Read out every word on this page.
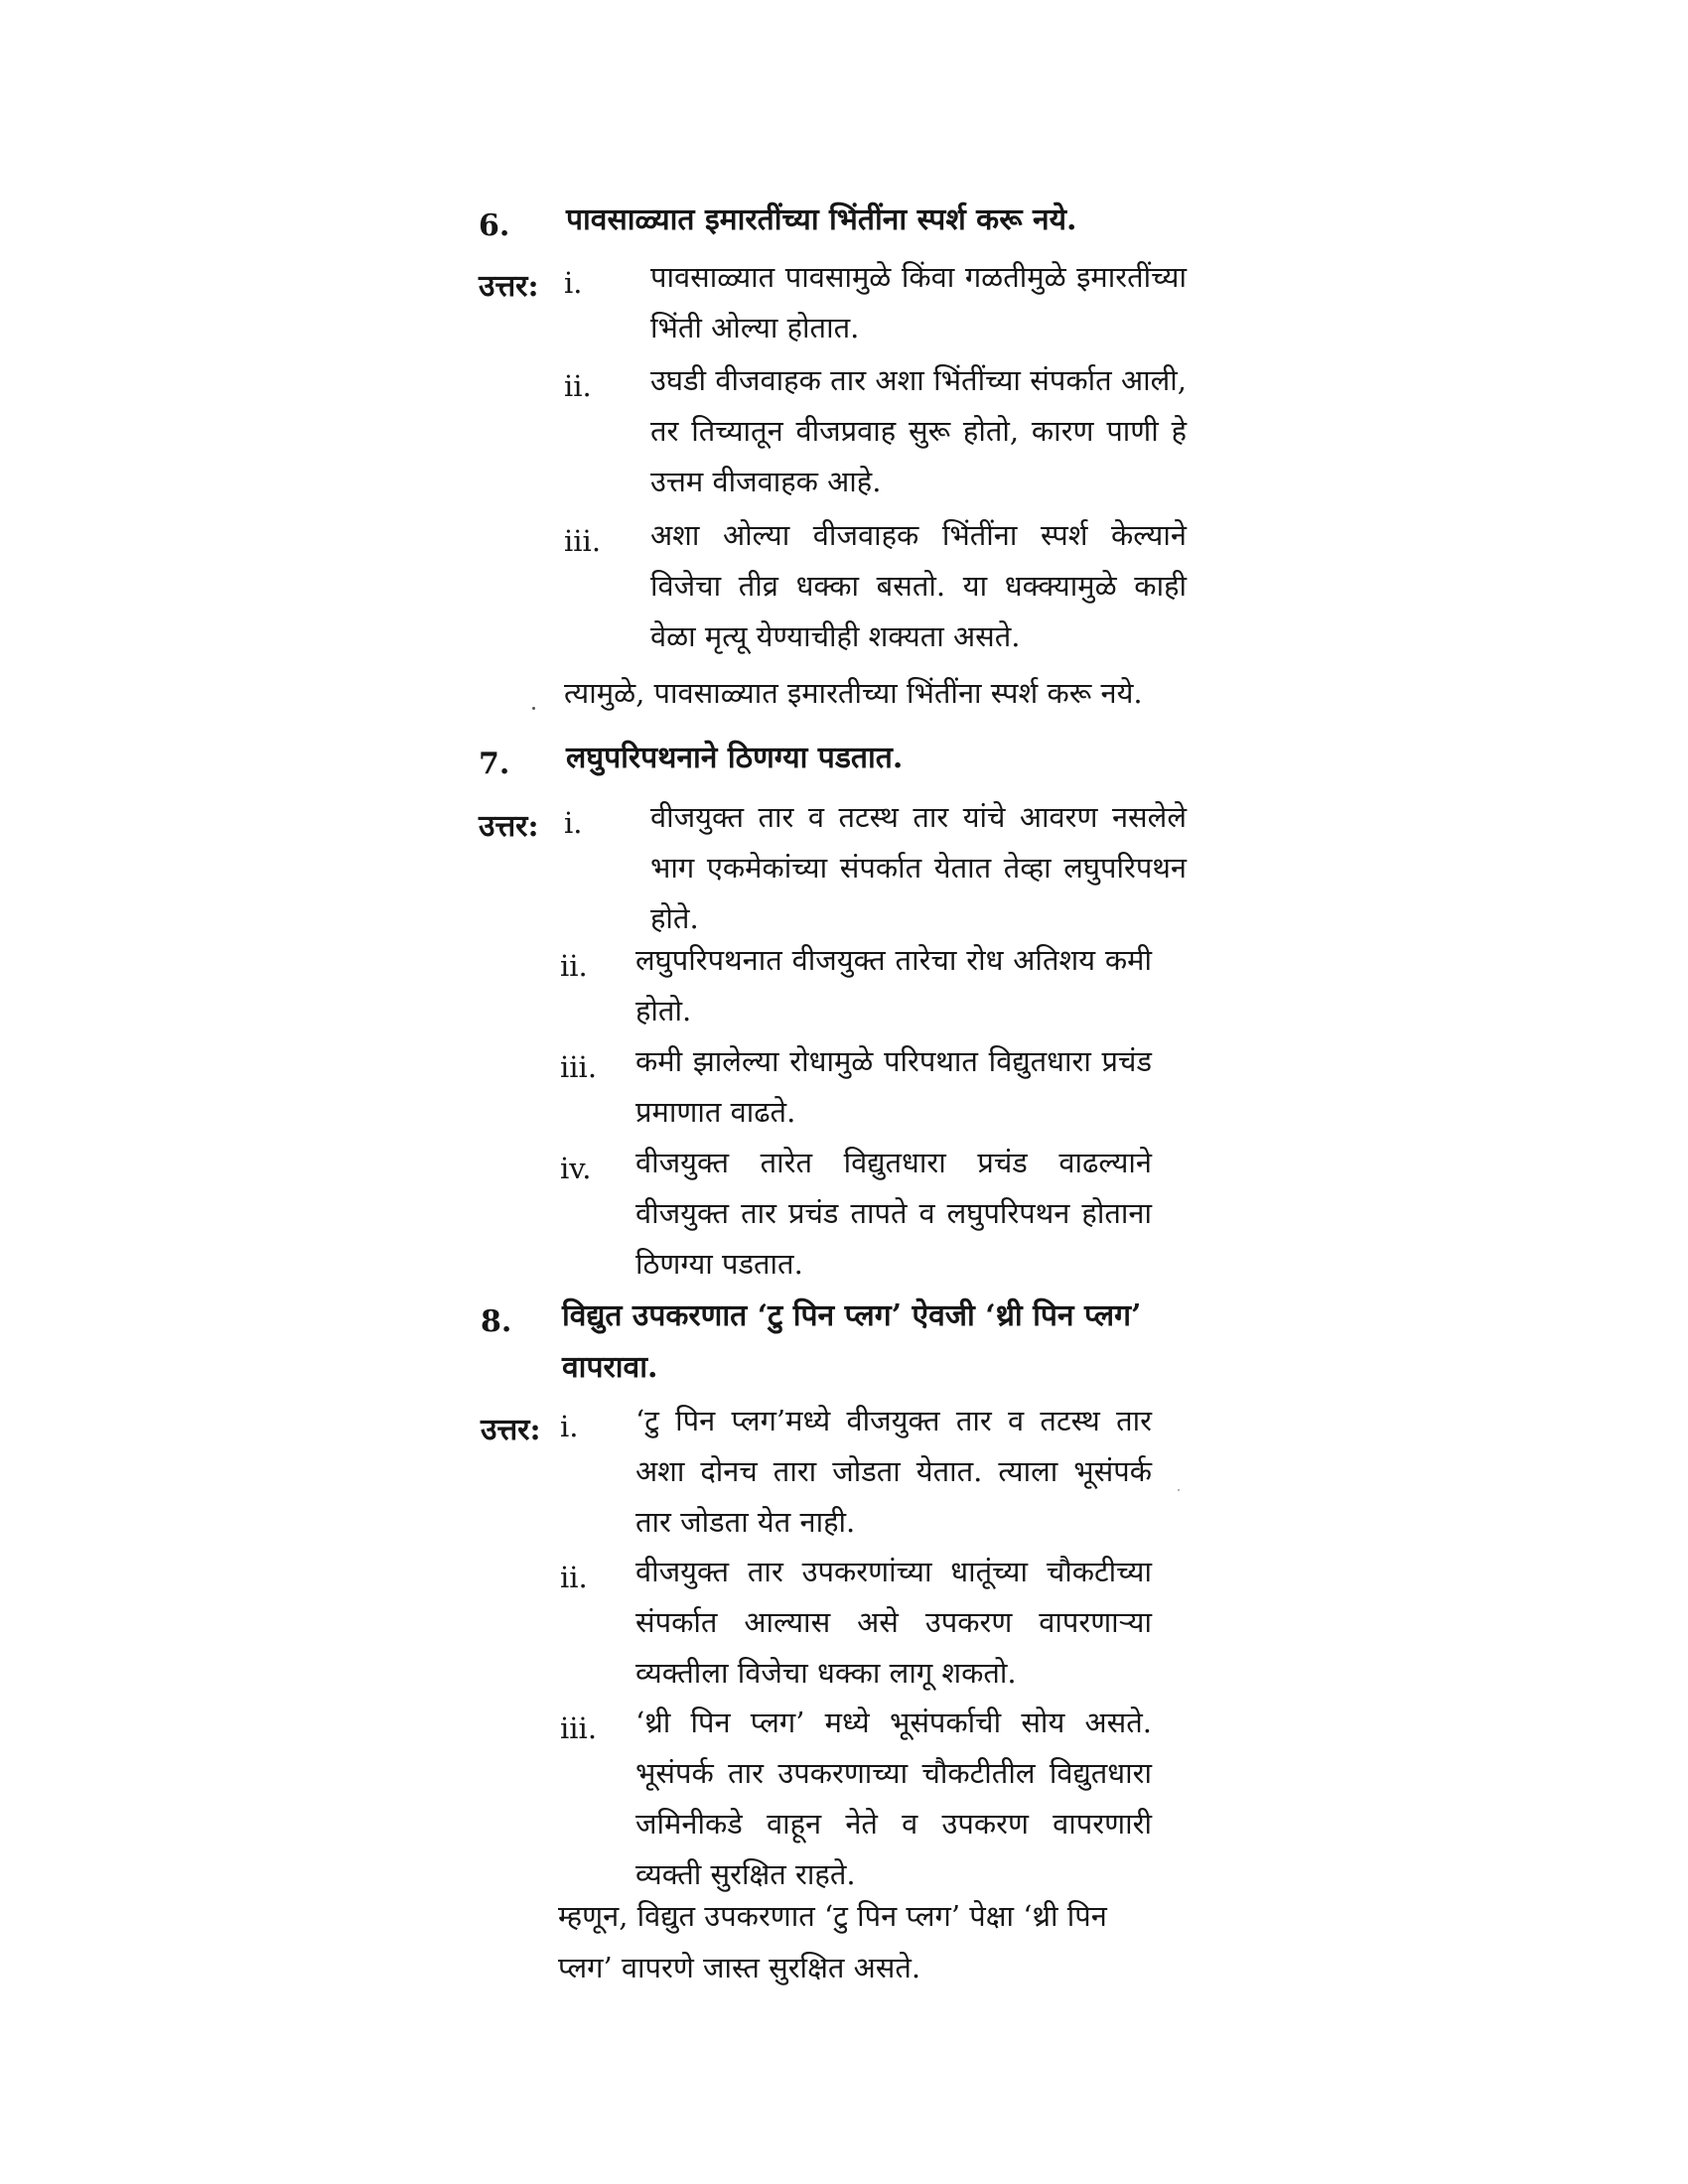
6. पावसाळ्यात इमारतींच्या भिंतींना स्पर्श करू नये.
उत्तर: i. पावसाळ्यात पावसामुळे किंवा गळतीमुळे इमारतींच्या भिंती ओल्या होतात.
ii. उघडी वीजवाहक तार अशा भिंतींच्या संपर्कात आली, तर तिच्यातून वीजप्रवाह सुरू होतो, कारण पाणी हे उत्तम वीजवाहक आहे.
iii. अशा ओल्या वीजवाहक भिंतींना स्पर्श केल्याने विजेचा तीव्र धक्का बसतो. या धक्क्यामुळे काही वेळा मृत्यू येण्याचीही शक्यता असते.
त्यामुळे, पावसाळ्यात इमारतीच्या भिंतींना स्पर्श करू नये.
7. लघुपरिपथनाने ठिणग्या पडतात.
उत्तर: i. वीजयुक्त तार व तटस्थ तार यांचे आवरण नसलेले भाग एकमेकांच्या संपर्कात येतात तेव्हा लघुपरिपथन होते.
ii. लघुपरिपथनात वीजयुक्त तारेचा रोध अतिशय कमी होतो.
iii. कमी झालेल्या रोधामुळे परिपथात विद्युतधारा प्रचंड प्रमाणात वाढते.
iv. वीजयुक्त तारेत विद्युतधारा प्रचंड वाढल्याने वीजयुक्त तार प्रचंड तापते व लघुपरिपथन होताना ठिणग्या पडतात.
8. विद्युत उपकरणात ‘टु पिन प्लग’ ऐवजी ‘थ्री पिन प्लग’ वापरावा.
उत्तर: i. ‘टु पिन प्लग’मध्ये वीजयुक्त तार व तटस्थ तार अशा दोनच तारा जोडता येतात. त्याला भूसंपर्क तार जोडता येत नाही.
ii. वीजयुक्त तार उपकरणांच्या धातूंच्या चौकटीच्या संपर्कात आल्यास असे उपकरण वापरणाऱ्या व्यक्तीला विजेचा धक्का लागू शकतो.
iii. ‘थ्री पिन प्लग’ मध्ये भूसंपर्काची सोय असते. भूसंपर्क तार उपकरणाच्या चौकटीतील विद्युतधारा जमिनीकडे वाहून नेते व उपकरण वापरणारी व्यक्ती सुरक्षित राहते.
म्हणून, विद्युत उपकरणात ‘टु पिन प्लग’ पेक्षा ‘थ्री पिन प्लग’ वापरणे जास्त सुरक्षित असते.
